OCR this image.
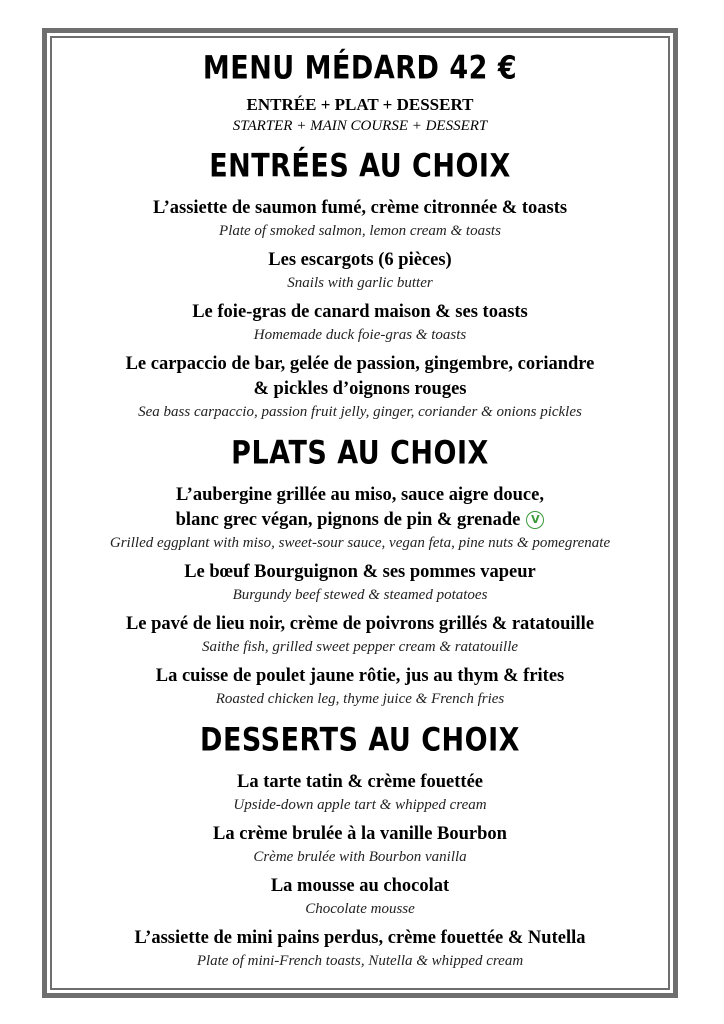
MENU MÉDARD 42 €
ENTRÉE + PLAT + DESSERT
STARTER + MAIN COURSE + DESSERT
ENTRÉES AU CHOIX

L’assiette de saumon fumé, crème citronnée & toasts

Plate of smoked salmon, lemon cream & toasts

Les escargots (6 pièces)

Snails with garlic butter

Le foie-gras de canard maison & ses toasts

Homemade duck foie-gras & toasts

Le carpaccio de bar, gelée de passion, gingembre, coriandre

& pickles d’oignons rouges

Sea bass carpaccio, passion fruit jelly, ginger, coriander & onions pickles

PLATS AU CHOIX

L’aubergine grillée au miso, sauce aigre douce,

blanc grec végan, pignons de pin & grenade V

Grilled eggplant with miso, sweet-sour sauce, vegan feta, pine nuts & pomegrenate

Le bœuf Bourguignon & ses pommes vapeur

Burgundy beef stewed & steamed potatoes

Le pavé de lieu noir, crème de poivrons grillés & ratatouille

Saithe fish, grilled sweet pepper cream & ratatouille

La cuisse de poulet jaune rôtie, jus au thym & frites

Roasted chicken leg, thyme juice & French fries

DESSERTS AU CHOIX

La tarte tatin & crème fouettée

Upside-down apple tart & whipped cream

La crème brulée à la vanille Bourbon

Crème brulée with Bourbon vanilla

La mousse au chocolat

Chocolate mousse

L’assiette de mini pains perdus, crème fouettée & Nutella

Plate of mini-French toasts, Nutella & whipped cream
